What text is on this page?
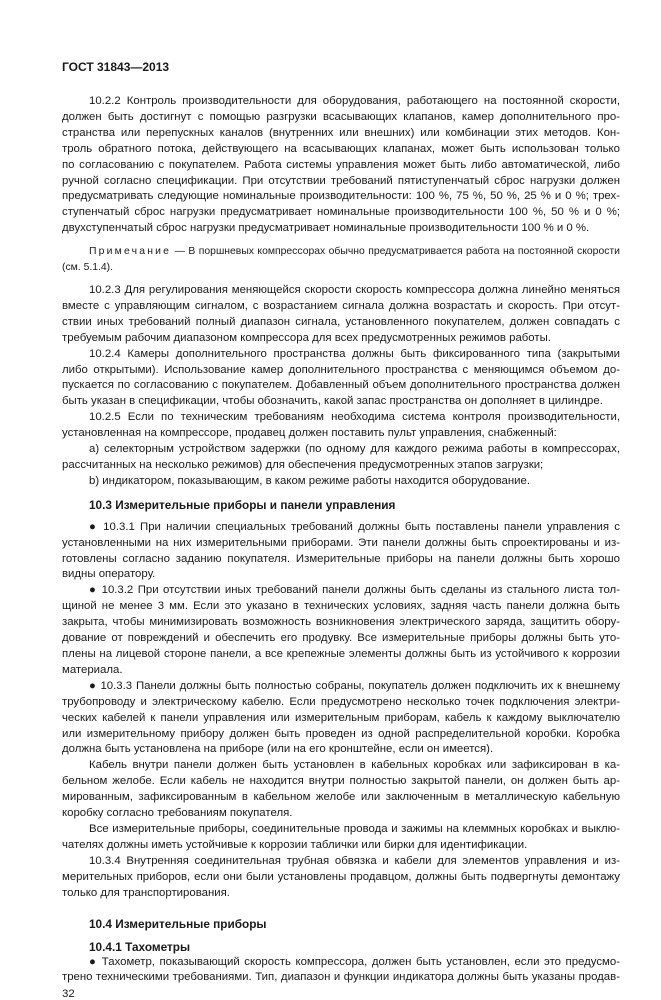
ГОСТ 31843—2013
10.2.2 Контроль производительности для оборудования, работающего на постоянной скорости,
должен быть достигнут с помощью разгрузки всасывающих клапанов, камер дополнительного про-
странства или перепускных каналов (внутренних или внешних) или комбинации этих методов. Кон-
троль обратного потока, действующего на всасывающих клапанах, может быть использован только
по согласованию с покупателем. Работа системы управления может быть либо автоматической, либо
ручной согласно спецификации. При отсутствии требований пятиступенчатый сброс нагрузки должен
предусматривать следующие номинальные производительности: 100 %, 75 %, 50 %, 25 % и 0 %; трех-
ступенчатый сброс нагрузки предусматривает номинальные производительности 100 %, 50 % и 0 %;
двухступенчатый сброс нагрузки предусматривает номинальные производительности 100 % и 0 %.
Примечание — В поршневых компрессорах обычно предусматривается работа на постоянной скорости
(см. 5.1.4).
10.2.3 Для регулирования меняющейся скорости скорость компрессора должна линейно меняться
вместе с управляющим сигналом, с возрастанием сигнала должна возрастать и скорость. При отсут-
ствии иных требований полный диапазон сигнала, установленного покупателем, должен совпадать с
требуемым рабочим диапазоном компрессора для всех предусмотренных режимов работы.
10.2.4 Камеры дополнительного пространства должны быть фиксированного типа (закрытыми
либо открытыми). Использование камер дополнительного пространства с меняющимся объемом до-
пускается по согласованию с покупателем. Добавленный объем дополнительного пространства должен
быть указан в спецификации, чтобы обозначить, какой запас пространства он дополняет в цилиндре.
10.2.5 Если по техническим требованиям необходима система контроля производительности,
установленная на компрессоре, продавец должен поставить пульт управления, снабженный:
а) селекторным устройством задержки (по одному для каждого режима работы в компрессорах,
рассчитанных на несколько режимов) для обеспечения предусмотренных этапов загрузки;
b) индикатором, показывающим, в каком режиме работы находится оборудование.
10.3 Измерительные приборы и панели управления
● 10.3.1 При наличии специальных требований должны быть поставлены панели управления с
установленными на них измерительными приборами. Эти панели должны быть спроектированы и из-
готовлены согласно заданию покупателя. Измерительные приборы на панели должны быть хорошо
видны оператору.
● 10.3.2 При отсутствии иных требований панели должны быть сделаны из стального листа тол-
щиной не менее 3 мм. Если это указано в технических условиях, задняя часть панели должна быть
закрыта, чтобы минимизировать возможность возникновения электрического заряда, защитить обору-
дование от повреждений и обеспечить его продувку. Все измерительные приборы должны быть уто-
плены на лицевой стороне панели, а все крепежные элементы должны быть из устойчивого к коррозии
материала.
● 10.3.3 Панели должны быть полностью собраны, покупатель должен подключить их к внешнему
трубопроводу и электрическому кабелю. Если предусмотрено несколько точек подключения электри-
ческих кабелей к панели управления или измерительным приборам, кабель к каждому выключателю
или измерительному прибору должен быть проведен из одной распределительной коробки. Коробка
должна быть установлена на приборе (или на его кронштейне, если он имеется).
Кабель внутри панели должен быть установлен в кабельных коробках или зафиксирован в ка-
бельном желобе. Если кабель не находится внутри полностью закрытой панели, он должен быть ар-
мированным, зафиксированным в кабельном желобе или заключенным в металлическую кабельную
коробку согласно требованиям покупателя.
Все измерительные приборы, соединительные провода и зажимы на клеммных коробках и выклю-
чателях должны иметь устойчивые к коррозии таблички или бирки для идентификации.
10.3.4 Внутренняя соединительная трубная обвязка и кабели для элементов управления и из-
мерительных приборов, если они были установлены продавцом, должны быть подвергнуты демонтажу
только для транспортирования.
10.4 Измерительные приборы
10.4.1 Тахометры
● Тахометр, показывающий скорость компрессора, должен быть установлен, если это предусмо-
трено техническими требованиями. Тип, диапазон и функции индикатора должны быть указаны продав-
32
